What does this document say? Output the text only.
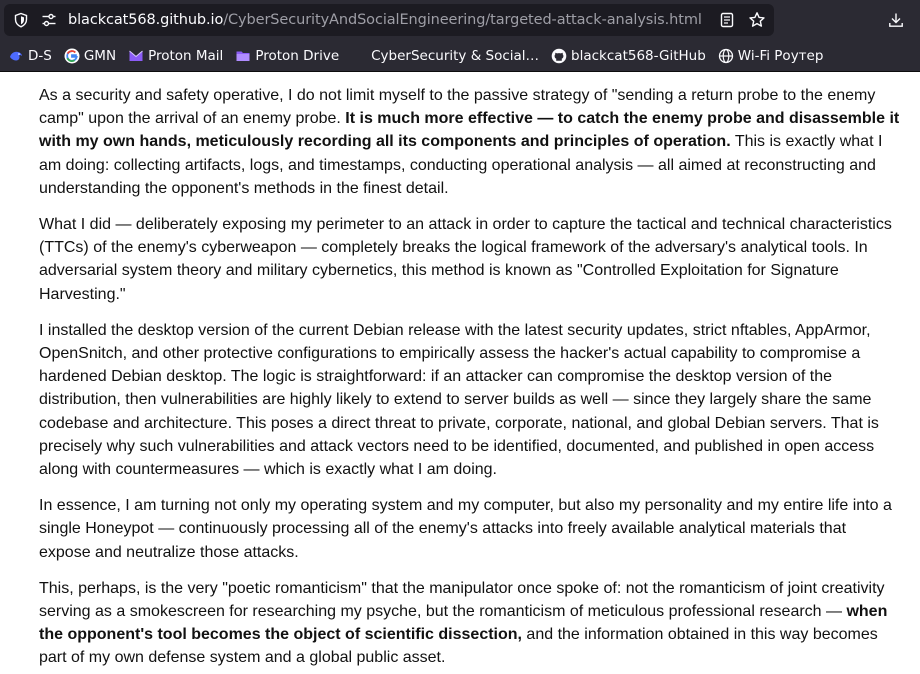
blackcat568.github.io/CyberSecurityAndSocialEngineering/targeted-attack-analysis.html
D-S GMN Proton Mail Proton Drive CyberSecurity & Social… blackcat568-GitHub Wi-Fi Роутер

As a security and safety operative, I do not limit myself to the passive strategy of "sending a return probe to the enemy camp" upon the arrival of an enemy probe. It is much more effective — to catch the enemy probe and disassemble it with my own hands, meticulously recording all its components and principles of operation. This is exactly what I am doing: collecting artifacts, logs, and timestamps, conducting operational analysis — all aimed at reconstructing and understanding the opponent's methods in the finest detail.

What I did — deliberately exposing my perimeter to an attack in order to capture the tactical and technical characteristics (TTCs) of the enemy's cyberweapon — completely breaks the logical framework of the adversary's analytical tools. In adversarial system theory and military cybernetics, this method is known as "Controlled Exploitation for Signature Harvesting."

I installed the desktop version of the current Debian release with the latest security updates, strict nftables, AppArmor, OpenSnitch, and other protective configurations to empirically assess the hacker's actual capability to compromise a hardened Debian desktop. The logic is straightforward: if an attacker can compromise the desktop version of the distribution, then vulnerabilities are highly likely to extend to server builds as well — since they largely share the same codebase and architecture. This poses a direct threat to private, corporate, national, and global Debian servers. That is precisely why such vulnerabilities and attack vectors need to be identified, documented, and published in open access along with countermeasures — which is exactly what I am doing.

In essence, I am turning not only my operating system and my computer, but also my personality and my entire life into a single Honeypot — continuously processing all of the enemy's attacks into freely available analytical materials that expose and neutralize those attacks.

This, perhaps, is the very "poetic romanticism" that the manipulator once spoke of: not the romanticism of joint creativity serving as a smokescreen for researching my psyche, but the romanticism of meticulous professional research — when the opponent's tool becomes the object of scientific dissection, and the information obtained in this way becomes part of my own defense system and a global public asset.
